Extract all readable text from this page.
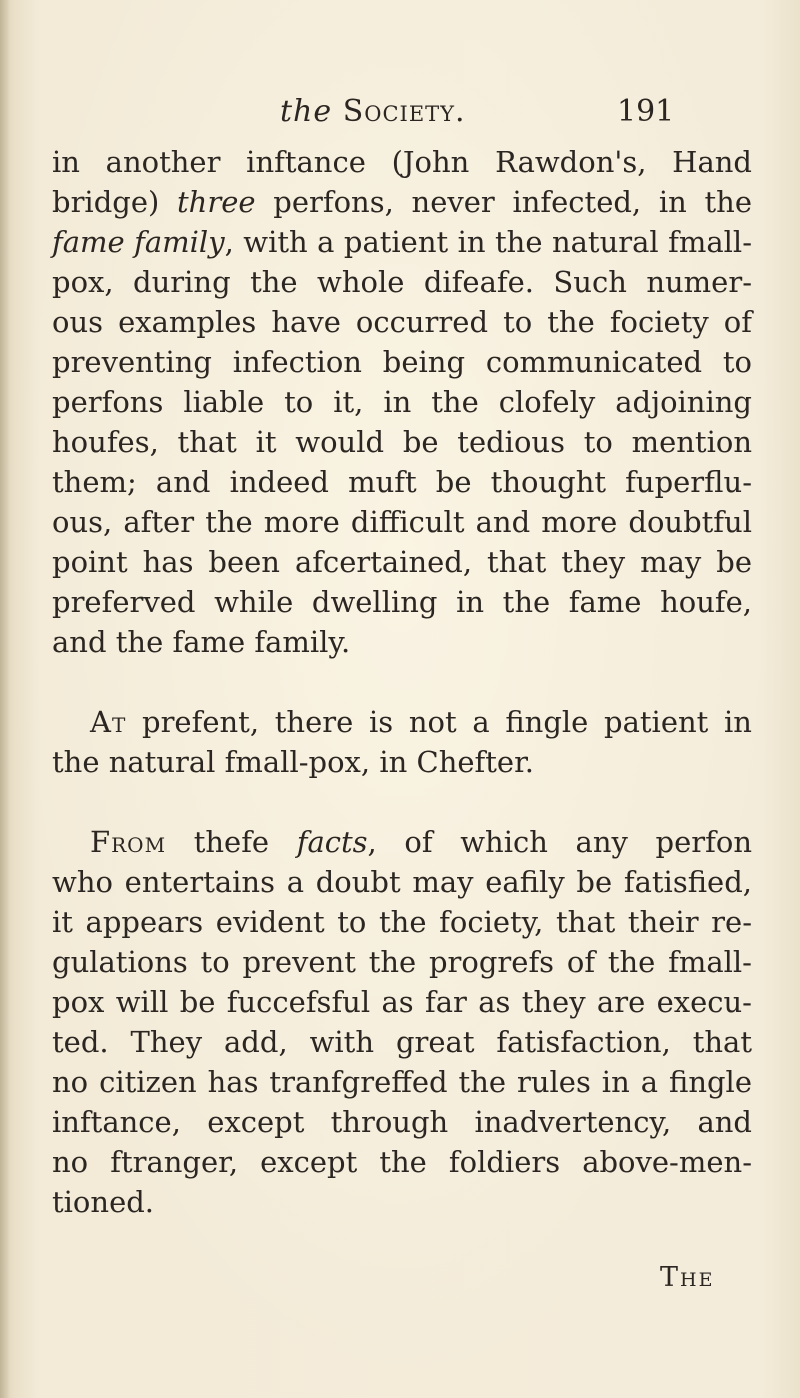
the Society.	191
in another inftance (John Rawdon's, Hand
bridge) three perfons, never infected, in the
fame family, with a patient in the natural fmall-
pox, during the whole difeafe. Such numer-
ous examples have occurred to the fociety of
preventing infection being communicated to
perfons liable to it, in the clofely adjoining
houfes, that it would be tedious to mention
them; and indeed muft be thought fuperflu-
ous, after the more difficult and more doubtful
point has been afcertained, that they may be
preferved while dwelling in the fame houfe,
and the fame family.
At prefent, there is not a fingle patient in
the natural fmall-pox, in Chefter.
From thefe facts, of which any perfon
who entertains a doubt may eafily be fatisfied,
it appears evident to the fociety, that their re-
gulations to prevent the progrefs of the fmall-
pox will be fuccefsful as far as they are execu-
ted. They add, with great fatisfaction, that
no citizen has tranfgreffed the rules in a fingle
inftance, except through inadvertency, and
no ftranger, except the foldiers above-men-
tioned.
The
